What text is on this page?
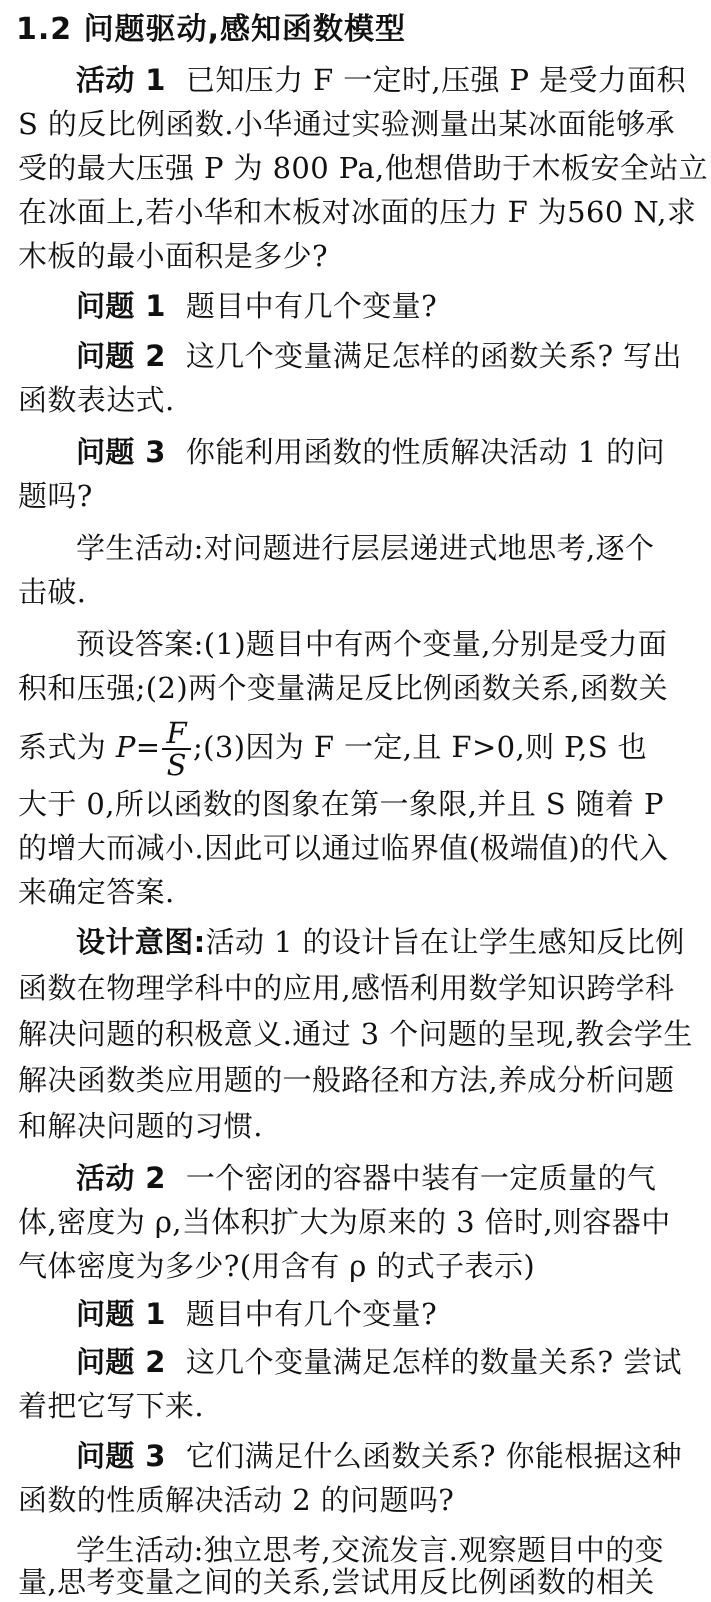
1.2 问题驱动,感知函数模型
活动 1 已知压力 F 一定时,压强 P 是受力面积
S 的反比例函数.小华通过实验测量出某冰面能够承
受的最大压强 P 为 800 Pa,他想借助于木板安全站立
在冰面上,若小华和木板对冰面的压力 F 为560 N,求
木板的最小面积是多少?
问题 1 题目中有几个变量?
问题 2 这几个变量满足怎样的函数关系? 写出
函数表达式.
问题 3 你能利用函数的性质解决活动 1 的问
题吗?
学生活动:对问题进行层层递进式地思考,逐个
击破.
预设答案:(1)题目中有两个变量,分别是受力面
积和压强;(2)两个变量满足反比例函数关系,函数关
系式为 $P= \frac{F}{S}$ ;(3)因为 F 一定,且 F>0,则 P,S 也
大于 0,所以函数的图象在第一象限,并且 S 随着 P
的增大而减小.因此可以通过临界值(极端值)的代入
来确定答案.
设计意图:活动 1 的设计旨在让学生感知反比例
函数在物理学科中的应用,感悟利用数学知识跨学科
解决问题的积极意义.通过 3 个问题的呈现,教会学生
解决函数类应用题的一般路径和方法,养成分析问题
和解决问题的习惯.
活动 2 一个密闭的容器中装有一定质量的气
体,密度为 ρ,当体积扩大为原来的 3 倍时,则容器中
气体密度为多少?(用含有 ρ 的式子表示)
问题 1 题目中有几个变量?
问题 2 这几个变量满足怎样的数量关系? 尝试
着把它写下来.
问题 3 它们满足什么函数关系? 你能根据这种
函数的性质解决活动 2 的问题吗?
学生活动:独立思考,交流发言.观察题目中的变
量,思考变量之间的关系,尝试用反比例函数的相关
